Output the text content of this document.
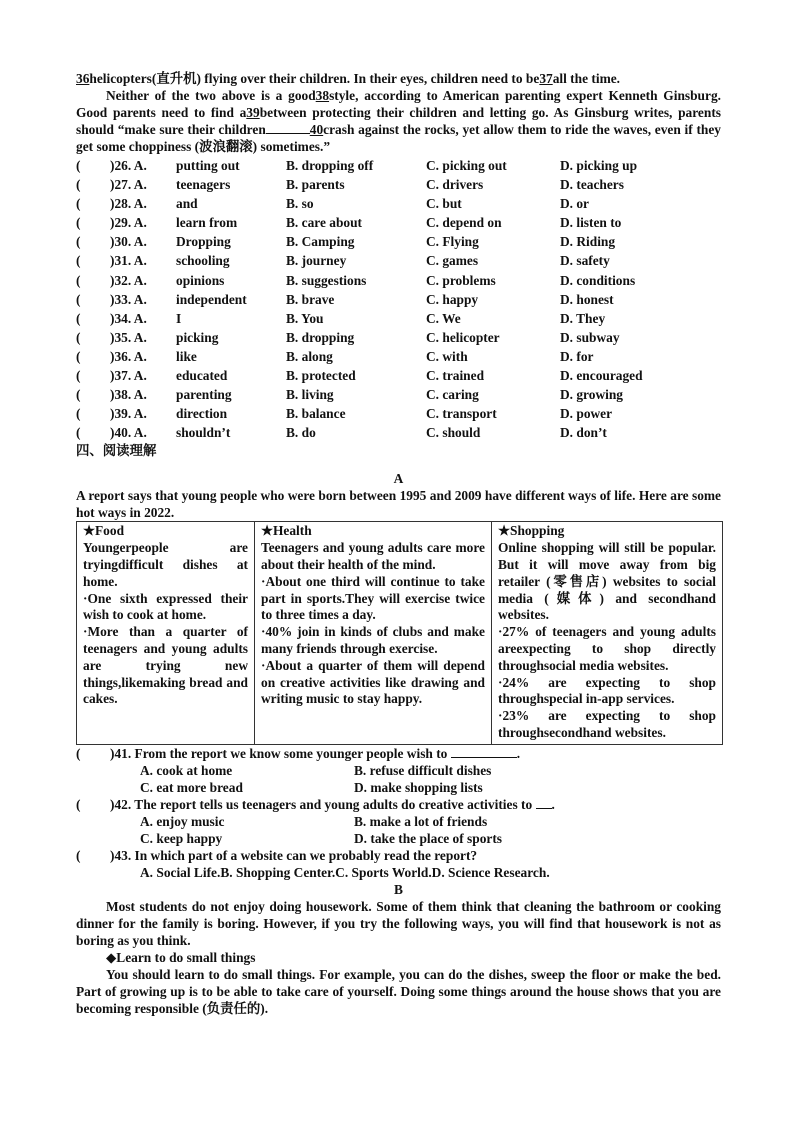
36helicopters(直升机) flying over their children. In their eyes, children need to be37all the time.

Neither of the two above is a good38style, according to American parenting expert Kenneth Ginsburg. Good parents need to find a39between protecting their children and letting go. As Ginsburg writes, parents should “make sure their children	40crash against the rocks, yet allow them to ride the waves, even if they get some choppiness (波浪翻滚) sometimes.”

(	)26. A.	putting out	B. dropping off	C. picking out	D. picking up
(	)27. A.	teenagers	B. parents	C. drivers	D. teachers
(	)28. A.	and	B. so	C. but	D. or
(	)29. A.	learn from	B. care about	C. depend on	D. listen to
(	)30. A.	Dropping	B. Camping	C. Flying	D. Riding
(	)31. A.	schooling	B. journey	C. games	D. safety
(	)32. A.	opinions	B. suggestions	C. problems	D. conditions
(	)33. A.	independent	B. brave	C. happy	D. honest
(	)34. A.	I	B. You	C. We	D. They
(	)35. A.	picking	B. dropping	C. helicopter	D. subway
(	)36. A.	like	B. along	C. with	D. for
(	)37. A.	educated	B. protected	C. trained	D. encouraged
(	)38. A.	parenting	B. living	C. caring	D. growing
(	)39. A.	direction	B. balance	C. transport	D. power
(	)40. A.	shouldn’t	B. do	C. should	D. don’t

四、阅读理解

A

A report says that young people who were born between 1995 and 2009 have different ways of life. Here are some hot ways in 2022.

★Food
Youngerpeople are tryingdifficult dishes at home.
·One sixth expressed their wish to cook at home.
·More than a quarter of teenagers and young adults are trying new things,likemaking bread and cakes.

★Health
Teenagers and young adults care more about their health of the mind.
·About one third will continue to take part in sports.They will exercise twice to three times a day.
·40% join in kinds of clubs and make many friends through exercise.
·About a quarter of them will depend on creative activities like drawing and writing music to stay happy.

★Shopping
Online shopping will still be popular. But it will move away from big retailer (零售店) websites to social media (媒体) and secondhand websites.
·27% of teenagers and young adults areexpecting to shop directly throughsocial media websites.
·24% are expecting to shop throughspecial in-app services.
·23% are expecting to shop throughsecondhand websites.
(	)41. From the report we know some younger people wish to
	.
A. cook at home	B. refuse difficult dishes
C. eat more bread	D. make shopping lists
(	)42. The report tells us teenagers and young adults do creative activities to
.
A. enjoy music	B. make a lot of friends
C. keep happy	D. take the place of sports
(	)43. In which part of a website can we probably read the report?
A. Social Life.B. Shopping Center.C. Sports World.D. Science Research.

B

Most students do not enjoy doing housework. Some of them think that cleaning the bathroom or cooking dinner for the family is boring. However, if you try the following ways, you will find that housework is not as boring as you think.

◆Learn to do small things

You should learn to do small things. For example, you can do the dishes, sweep the floor or make the bed. Part of growing up is to be able to take care of yourself. Doing some things around the house shows that you are becoming responsible (负责任的).
